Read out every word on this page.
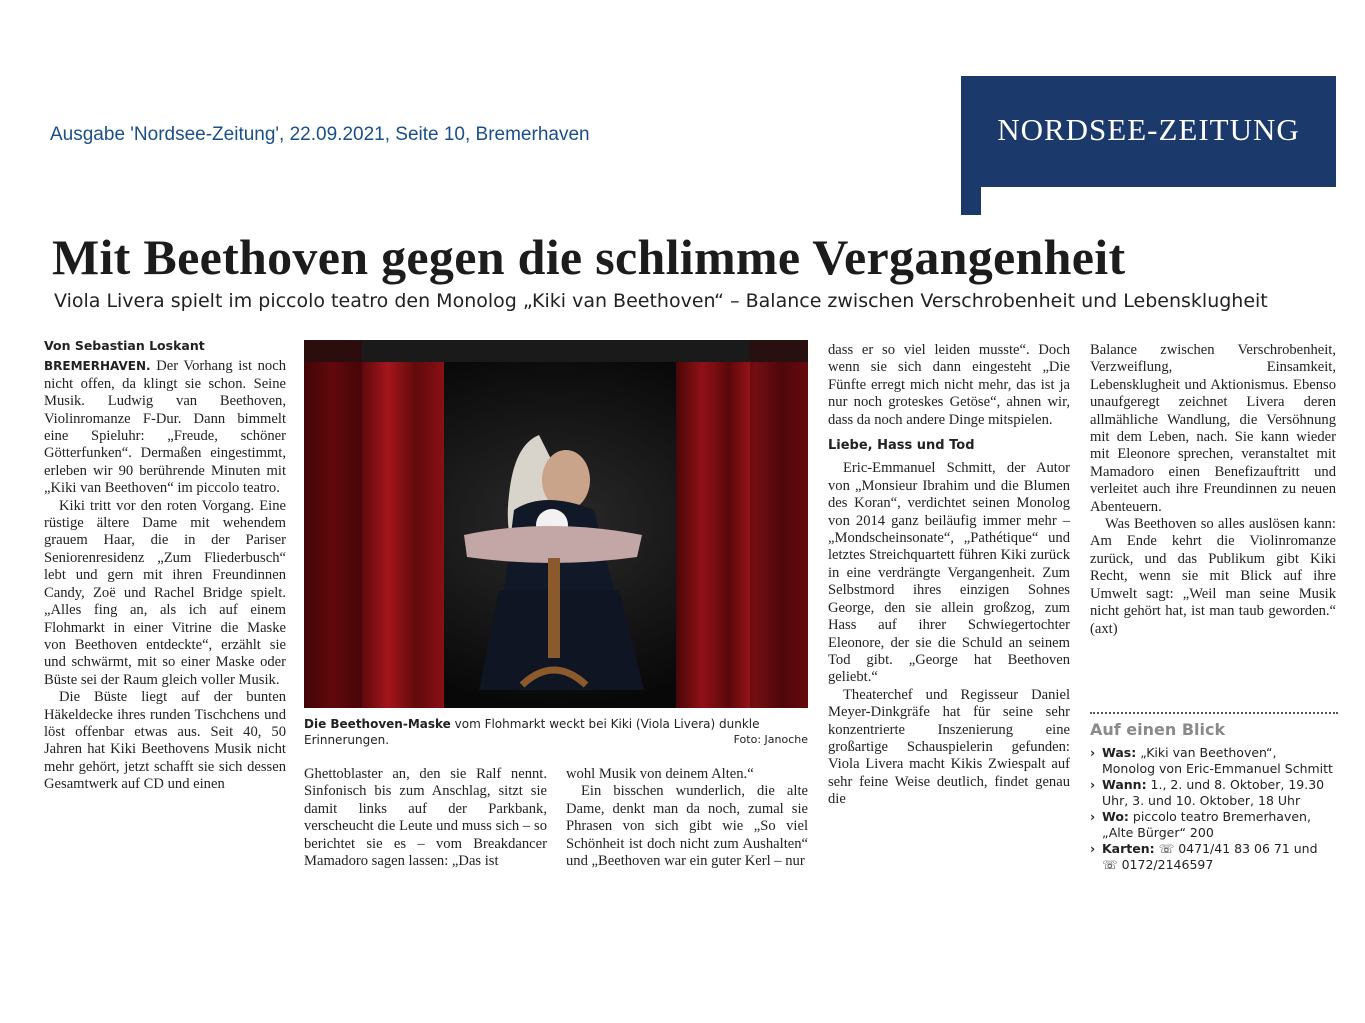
Ausgabe 'Nordsee-Zeitung', 22.09.2021, Seite 10, Bremerhaven	NORDSEE-ZEITUNG
Mit Beethoven gegen die schlimme Vergangenheit
Viola Livera spielt im piccolo teatro den Monolog „Kiki van Beethoven“ – Balance zwischen Verschrobenheit und Lebensklugheit
Von Sebastian Loskant

BREMERHAVEN. Der Vorhang ist noch nicht offen, da klingt sie schon. Seine Musik. Ludwig van Beethoven, Violinromanze F-Dur. Dann bimmelt eine Spieluhr: „Freude, schöner Götterfunken“. Dermaßen eingestimmt, erleben wir 90 berührende Minuten mit „Kiki van Beethoven“ im piccolo teatro.

Kiki tritt vor den roten Vorgang. Eine rüstige ältere Dame mit wehendem grauem Haar, die in der Pariser Seniorenresidenz „Zum Fliederbusch“ lebt und gern mit ihren Freundinnen Candy, Zoë und Rachel Bridge spielt. „Alles fing an, als ich auf einem Flohmarkt in einer Vitrine die Maske von Beethoven entdeckte“, erzählt sie und schwärmt, mit so einer Maske oder Büste sei der Raum gleich voller Musik.

Die Büste liegt auf der bunten Häkeldecke ihres runden Tischchens und löst offenbar etwas aus. Seit 40, 50 Jahren hat Kiki Beethovens Musik nicht mehr gehört, jetzt schafft sie sich dessen Gesamtwerk auf CD und einen

Die Beethoven-Maske vom Flohmarkt weckt bei Kiki (Viola Livera) dunkle Erinnerungen.	Foto: Janoche

Ghettoblaster an, den sie Ralf nennt. Sinfonisch bis zum Anschlag, sitzt sie damit links auf der Parkbank, verscheucht die Leute und muss sich – so berichtet sie es – vom Breakdancer Mamadoro sagen lassen: „Das ist

wohl Musik von deinem Alten.“

Ein bisschen wunderlich, die alte Dame, denkt man da noch, zumal sie Phrasen von sich gibt wie „So viel Schönheit ist doch nicht zum Aushalten“ und „Beethoven war ein guter Kerl – nur

dass er so viel leiden musste“. Doch wenn sie sich dann eingesteht „Die Fünfte erregt mich nicht mehr, das ist ja nur noch groteskes Getöse“, ahnen wir, dass da noch andere Dinge mitspielen.

Liebe, Hass und Tod

Eric-Emmanuel Schmitt, der Autor von „Monsieur Ibrahim und die Blumen des Koran“, verdichtet seinen Monolog von 2014 ganz beiläufig immer mehr – „Mondscheinsonate“, „Pathétique“ und letztes Streichquartett führen Kiki zurück in eine verdrängte Vergangenheit. Zum Selbstmord ihres einzigen Sohnes George, den sie allein großzog, zum Hass auf ihrer Schwiegertochter Eleonore, der sie die Schuld an seinem Tod gibt. „George hat Beethoven geliebt.“

Theaterchef und Regisseur Daniel Meyer-Dinkgräfe hat für seine sehr konzentrierte Inszenierung eine großartige Schauspielerin gefunden: Viola Livera macht Kikis Zwiespalt auf sehr feine Weise deutlich, findet genau die

Balance zwischen Verschrobenheit, Verzweiflung, Einsamkeit, Lebensklugheit und Aktionismus. Ebenso unaufgeregt zeichnet Livera deren allmähliche Wandlung, die Versöhnung mit dem Leben, nach. Sie kann wieder mit Eleonore sprechen, veranstaltet mit Mamadoro einen Benefizauftritt und verleitet auch ihre Freundinnen zu neuen Abenteuern.

Was Beethoven so alles auslösen kann: Am Ende kehrt die Violinromanze zurück, und das Publikum gibt Kiki Recht, wenn sie mit Blick auf ihre Umwelt sagt: „Weil man seine Musik nicht gehört hat, ist man taub geworden.“ (axt)

Auf einen Blick
› Was: „Kiki van Beethoven“,
Monolog von Eric-Emmanuel Schmitt
› Wann: 1., 2. und 8. Oktober, 19.30
Uhr, 3. und 10. Oktober, 18 Uhr
› Wo: piccolo teatro Bremerhaven,
„Alte Bürger“ 200
› Karten: ☏ 0471/41 83 06 71 und
☏ 0172/2146597
